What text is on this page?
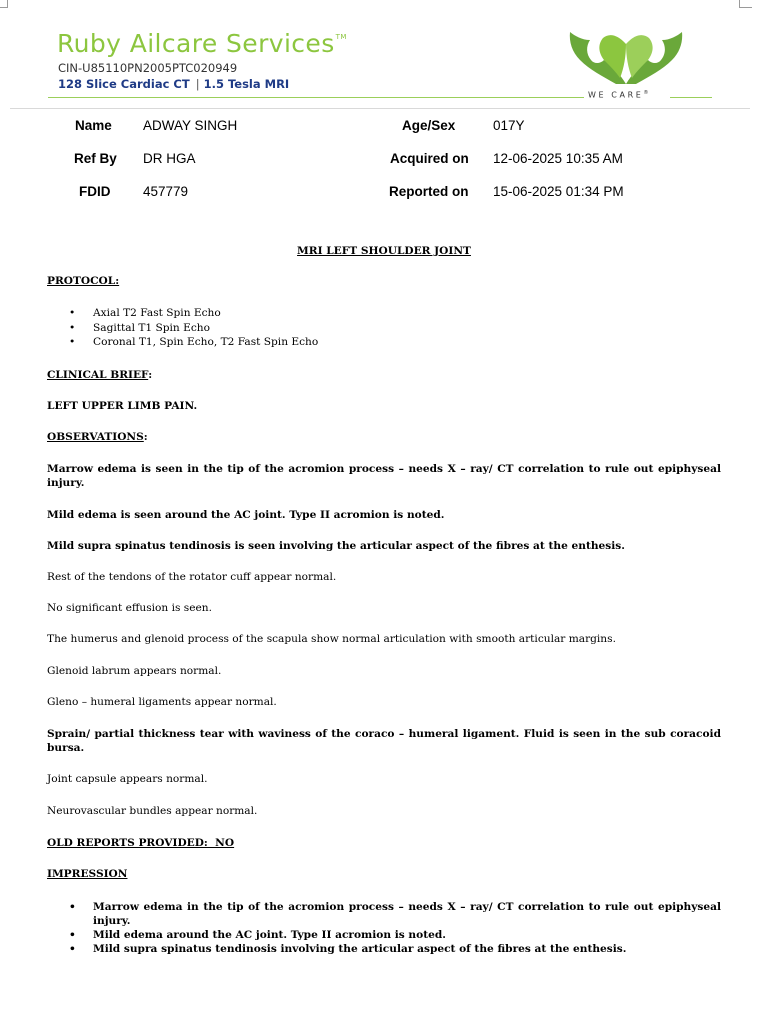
Ruby Ailcare Services™
CIN-U85110PN2005PTC020949
128 Slice Cardiac CT | 1.5 Tesla MRI
WE CARE®
Name ADWAY SINGH	Age/Sex	017Y
Ref By DR HGA	Acquired on 12-06-2025 10:35 AM
FDID 457779	Reported on 15-06-2025 01:34 PM
MRI LEFT SHOULDER JOINT
PROTOCOL:
• Axial T2 Fast Spin Echo
• Sagittal T1 Spin Echo
• Coronal T1, Spin Echo, T2 Fast Spin Echo
CLINICAL BRIEF:
LEFT UPPER LIMB PAIN.
OBSERVATIONS:
Marrow edema is seen in the tip of the acromion process – needs X – ray/ CT correlation to rule out epiphyseal injury.
Mild edema is seen around the AC joint. Type II acromion is noted.
Mild supra spinatus tendinosis is seen involving the articular aspect of the fibres at the enthesis.
Rest of the tendons of the rotator cuff appear normal.
No significant effusion is seen.
The humerus and glenoid process of the scapula show normal articulation with smooth articular margins.
Glenoid labrum appears normal.
Gleno – humeral ligaments appear normal.
Sprain/ partial thickness tear with waviness of the coraco – humeral ligament. Fluid is seen in the sub coracoid bursa.
Joint capsule appears normal.
Neurovascular bundles appear normal.
OLD REPORTS PROVIDED:  NO
IMPRESSION
• Marrow edema in the tip of the acromion process – needs X – ray/ CT correlation to rule out epiphyseal injury.
• Mild edema around the AC joint. Type II acromion is noted.
• Mild supra spinatus tendinosis involving the articular aspect of the fibres at the enthesis.
